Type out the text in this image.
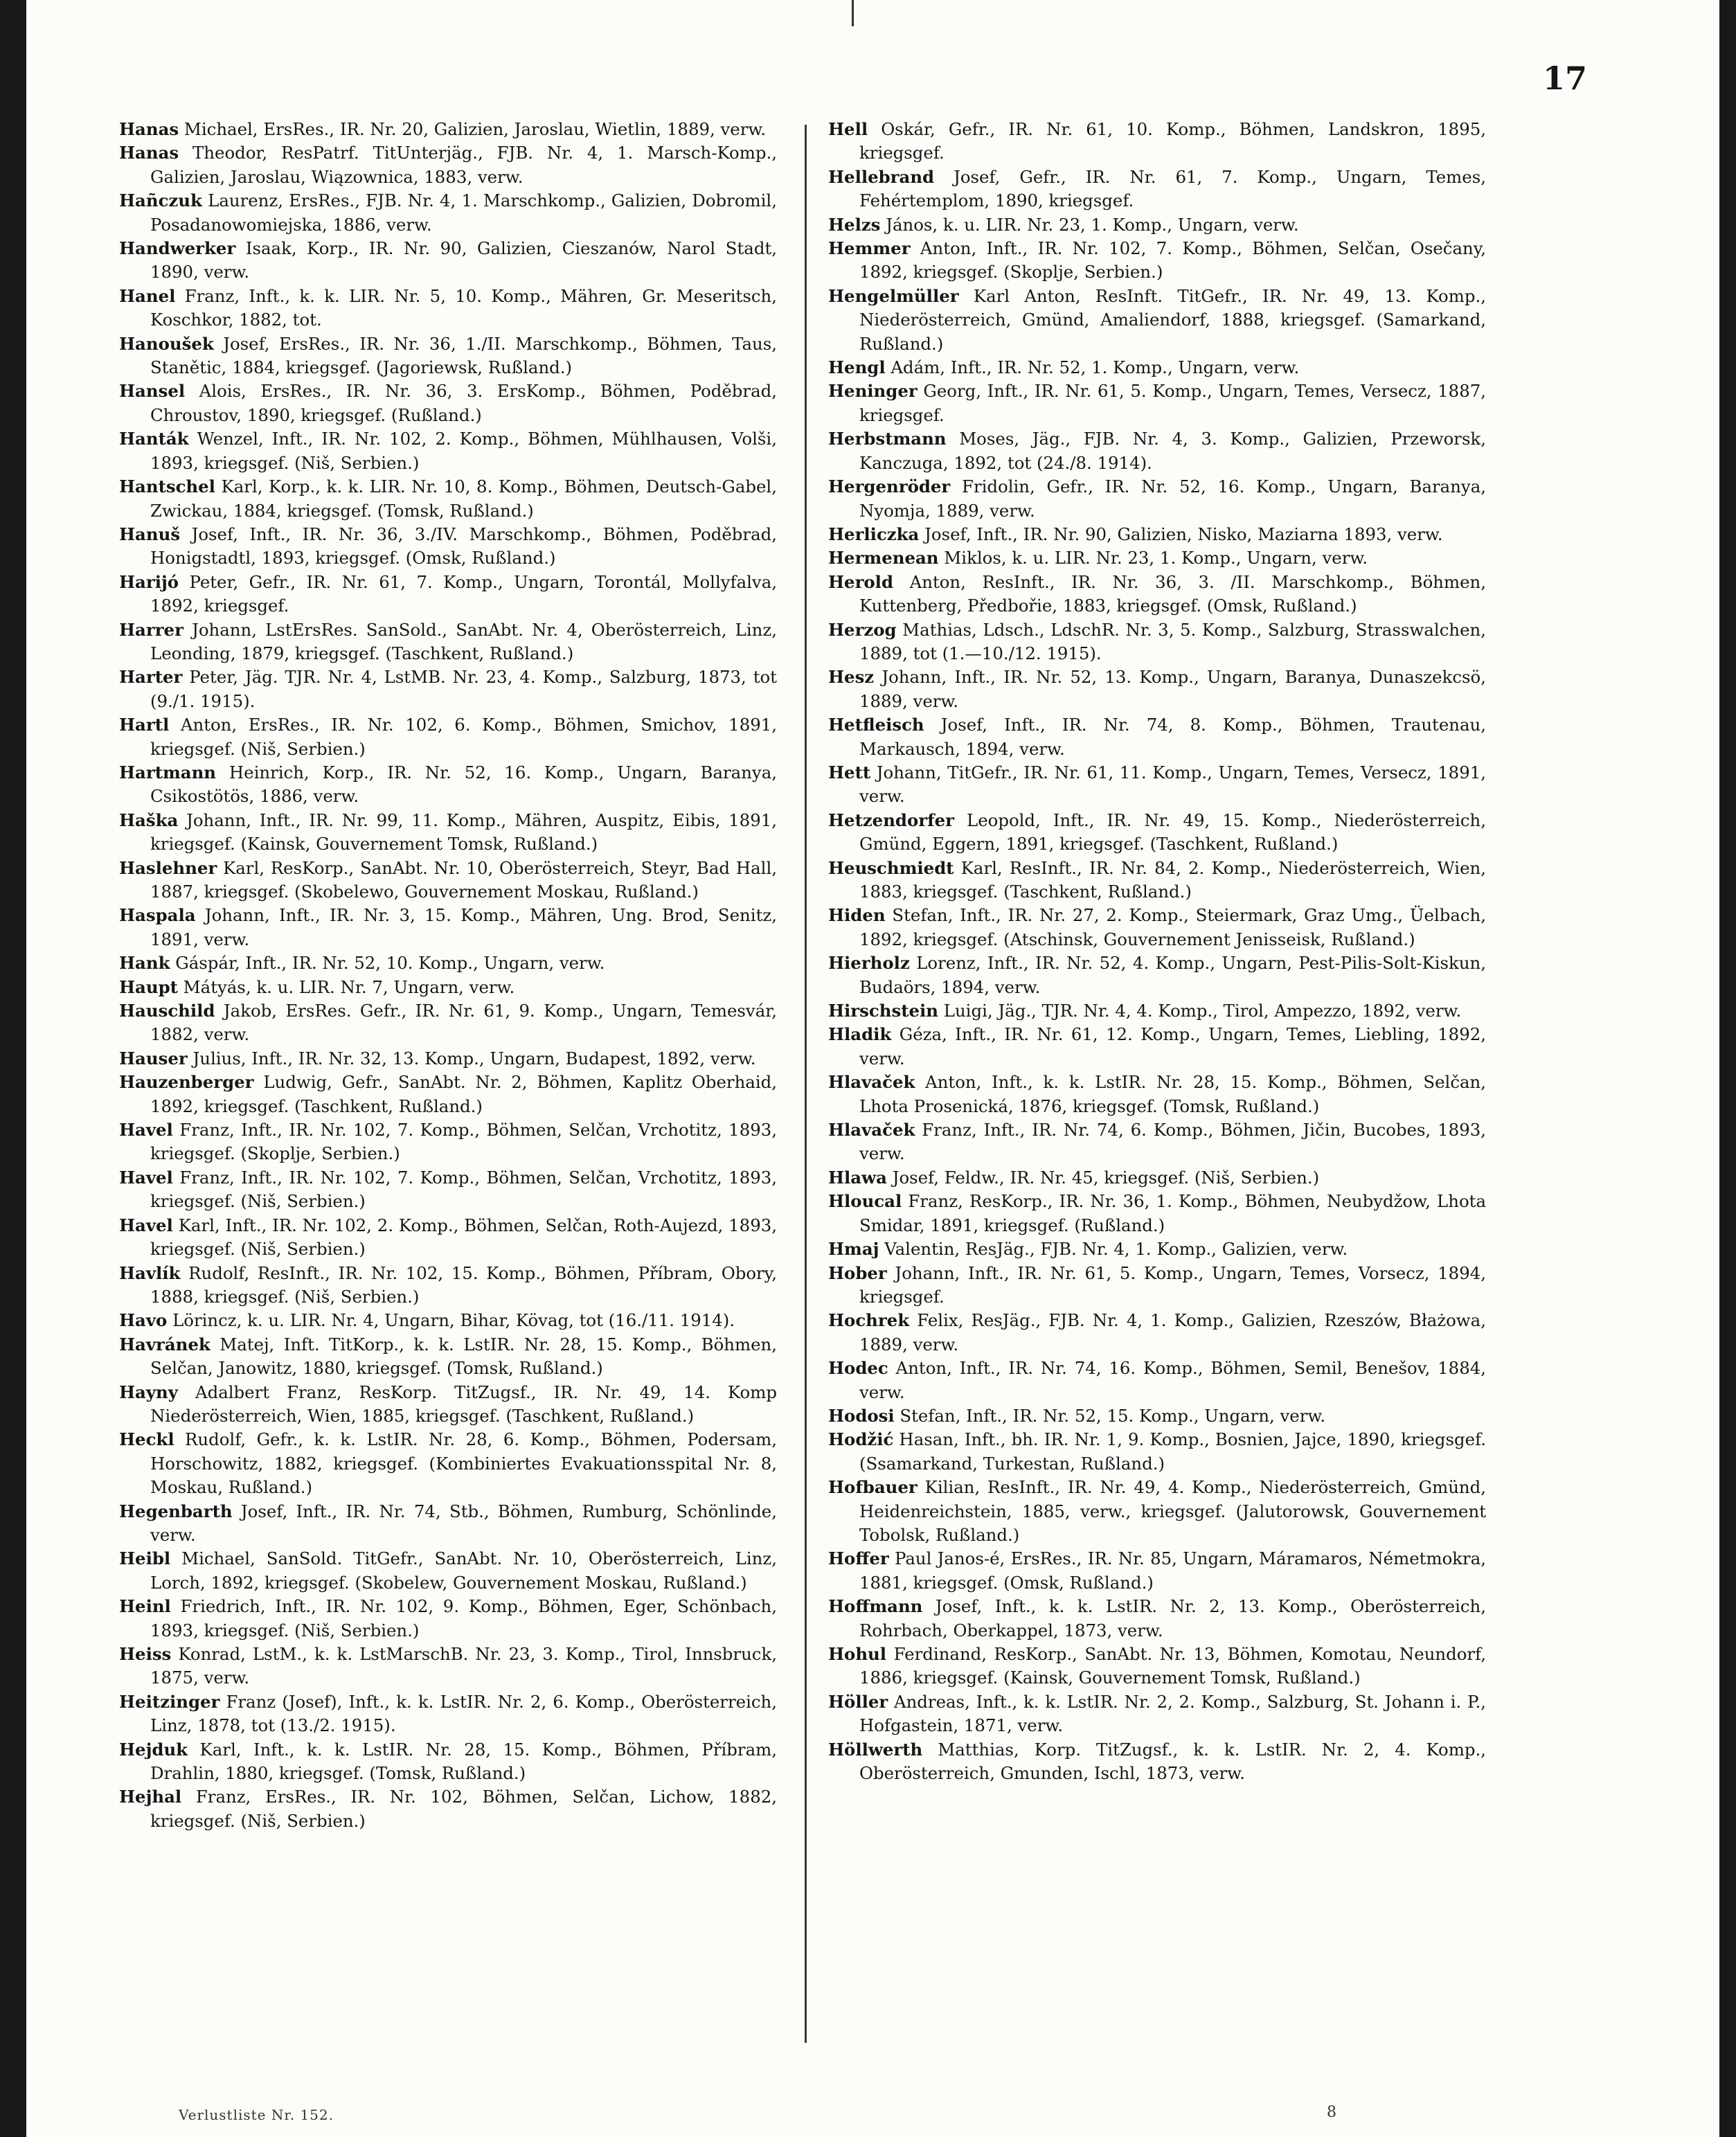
17
Hanas Michael, ErsRes., IR. Nr. 20, Galizien, Jaroslau, Wietlin, 1889, verw.
Hanas Theodor, ResPatrf. TitUnterjäg., FJB. Nr. 4, 1. Marsch-Komp., Galizien, Jaroslau, Wiązownica, 1883, verw.
Hañczuk Laurenz, ErsRes., FJB. Nr. 4, 1. Marschkomp., Galizien, Dobromil, Posadanowomiejska, 1886, verw.
Handwerker Isaak, Korp., IR. Nr. 90, Galizien, Cieszanów, Narol Stadt, 1890, verw.
Hanel Franz, Inft., k. k. LIR. Nr. 5, 10. Komp., Mähren, Gr. Meseritsch, Koschkor, 1882, tot.
Hanoušek Josef, ErsRes., IR. Nr. 36, 1./II. Marschkomp., Böhmen, Taus, Stanětic, 1884, kriegsgef. (Jagoriewsk, Rußland.)
Hansel Alois, ErsRes., IR. Nr. 36, 3. ErsKomp., Böhmen, Poděbrad, Chroustov, 1890, kriegsgef. (Rußland.)
Hanták Wenzel, Inft., IR. Nr. 102, 2. Komp., Böhmen, Mühlhausen, Volši, 1893, kriegsgef. (Niš, Serbien.)
Hantschel Karl, Korp., k. k. LIR. Nr. 10, 8. Komp., Böhmen, Deutsch-Gabel, Zwickau, 1884, kriegsgef. (Tomsk, Rußland.)
Hanuš Josef, Inft., IR. Nr. 36, 3./IV. Marschkomp., Böhmen, Poděbrad, Honigstadtl, 1893, kriegsgef. (Omsk, Rußland.)
Harijó Peter, Gefr., IR. Nr. 61, 7. Komp., Ungarn, Torontál, Mollyfalva, 1892, kriegsgef.
Harrer Johann, LstErsRes. SanSold., SanAbt. Nr. 4, Oberösterreich, Linz, Leonding, 1879, kriegsgef. (Taschkent, Rußland.)
Harter Peter, Jäg. TJR. Nr. 4, LstMB. Nr. 23, 4. Komp., Salzburg, 1873, tot (9./1. 1915).
Hartl Anton, ErsRes., IR. Nr. 102, 6. Komp., Böhmen, Smichov, 1891, kriegsgef. (Niš, Serbien.)
Hartmann Heinrich, Korp., IR. Nr. 52, 16. Komp., Ungarn, Baranya, Csikostötös, 1886, verw.
Haška Johann, Inft., IR. Nr. 99, 11. Komp., Mähren, Auspitz, Eibis, 1891, kriegsgef. (Kainsk, Gouvernement Tomsk, Rußland.)
Haslehner Karl, ResKorp., SanAbt. Nr. 10, Oberösterreich, Steyr, Bad Hall, 1887, kriegsgef. (Skobelewo, Gouvernement Moskau, Rußland.)
Haspala Johann, Inft., IR. Nr. 3, 15. Komp., Mähren, Ung. Brod, Senitz, 1891, verw.
Hank Gáspár, Inft., IR. Nr. 52, 10. Komp., Ungarn, verw.
Haupt Mátyás, k. u. LIR. Nr. 7, Ungarn, verw.
Hauschild Jakob, ErsRes. Gefr., IR. Nr. 61, 9. Komp., Ungarn, Temesvár, 1882, verw.
Hauser Julius, Inft., IR. Nr. 32, 13. Komp., Ungarn, Budapest, 1892, verw.
Hauzenberger Ludwig, Gefr., SanAbt. Nr. 2, Böhmen, Kaplitz Oberhaid, 1892, kriegsgef. (Taschkent, Rußland.)
Havel Franz, Inft., IR. Nr. 102, 7. Komp., Böhmen, Selčan, Vrchotitz, 1893, kriegsgef. (Skoplje, Serbien.)
Havel Franz, Inft., IR. Nr. 102, 7. Komp., Böhmen, Selčan, Vrchotitz, 1893, kriegsgef. (Niš, Serbien.)
Havel Karl, Inft., IR. Nr. 102, 2. Komp., Böhmen, Selčan, Roth-Aujezd, 1893, kriegsgef. (Niš, Serbien.)
Havlík Rudolf, ResInft., IR. Nr. 102, 15. Komp., Böhmen, Příbram, Obory, 1888, kriegsgef. (Niš, Serbien.)
Havo Lörincz, k. u. LIR. Nr. 4, Ungarn, Bihar, Kövag, tot (16./11. 1914).
Havránek Matej, Inft. TitKorp., k. k. LstIR. Nr. 28, 15. Komp., Böhmen, Selčan, Janowitz, 1880, kriegsgef. (Tomsk, Rußland.)
Hayny Adalbert Franz, ResKorp. TitZugsf., IR. Nr. 49, 14. Komp Niederösterreich, Wien, 1885, kriegsgef. (Taschkent, Rußland.)
Heckl Rudolf, Gefr., k. k. LstIR. Nr. 28, 6. Komp., Böhmen, Podersam, Horschowitz, 1882, kriegsgef. (Kombiniertes Evakuationsspital Nr. 8, Moskau, Rußland.)
Hegenbarth Josef, Inft., IR. Nr. 74, Stb., Böhmen, Rumburg, Schönlinde, verw.
Heibl Michael, SanSold. TitGefr., SanAbt. Nr. 10, Oberösterreich, Linz, Lorch, 1892, kriegsgef. (Skobelew, Gouvernement Moskau, Rußland.)
Heinl Friedrich, Inft., IR. Nr. 102, 9. Komp., Böhmen, Eger, Schönbach, 1893, kriegsgef. (Niš, Serbien.)
Heiss Konrad, LstM., k. k. LstMarschB. Nr. 23, 3. Komp., Tirol, Innsbruck, 1875, verw.
Heitzinger Franz (Josef), Inft., k. k. LstIR. Nr. 2, 6. Komp., Oberösterreich, Linz, 1878, tot (13./2. 1915).
Hejduk Karl, Inft., k. k. LstIR. Nr. 28, 15. Komp., Böhmen, Příbram, Drahlin, 1880, kriegsgef. (Tomsk, Rußland.)
Hejhal Franz, ErsRes., IR. Nr. 102, Böhmen, Selčan, Lichow, 1882, kriegsgef. (Niš, Serbien.)
Hell Oskár, Gefr., IR. Nr. 61, 10. Komp., Böhmen, Landskron, 1895, kriegsgef.
Hellebrand Josef, Gefr., IR. Nr. 61, 7. Komp., Ungarn, Temes, Fehértemplom, 1890, kriegsgef.
Helzs János, k. u. LIR. Nr. 23, 1. Komp., Ungarn, verw.
Hemmer Anton, Inft., IR. Nr. 102, 7. Komp., Böhmen, Selčan, Osečany, 1892, kriegsgef. (Skoplje, Serbien.)
Hengelmüller Karl Anton, ResInft. TitGefr., IR. Nr. 49, 13. Komp., Niederösterreich, Gmünd, Amaliendorf, 1888, kriegsgef. (Samarkand, Rußland.)
Hengl Adám, Inft., IR. Nr. 52, 1. Komp., Ungarn, verw.
Heninger Georg, Inft., IR. Nr. 61, 5. Komp., Ungarn, Temes, Versecz, 1887, kriegsgef.
Herbstmann Moses, Jäg., FJB. Nr. 4, 3. Komp., Galizien, Przeworsk, Kanczuga, 1892, tot (24./8. 1914).
Hergenröder Fridolin, Gefr., IR. Nr. 52, 16. Komp., Ungarn, Baranya, Nyomja, 1889, verw.
Herliczka Josef, Inft., IR. Nr. 90, Galizien, Nisko, Maziarna 1893, verw.
Hermenean Miklos, k. u. LIR. Nr. 23, 1. Komp., Ungarn, verw.
Herold Anton, ResInft., IR. Nr. 36, 3. /II. Marschkomp., Böhmen, Kuttenberg, Předbořie, 1883, kriegsgef. (Omsk, Rußland.)
Herzog Mathias, Ldsch., LdschR. Nr. 3, 5. Komp., Salzburg, Strasswalchen, 1889, tot (1.—10./12. 1915).
Hesz Johann, Inft., IR. Nr. 52, 13. Komp., Ungarn, Baranya, Dunaszekcsö, 1889, verw.
Hetfleisch Josef, Inft., IR. Nr. 74, 8. Komp., Böhmen, Trautenau, Markausch, 1894, verw.
Hett Johann, TitGefr., IR. Nr. 61, 11. Komp., Ungarn, Temes, Versecz, 1891, verw.
Hetzendorfer Leopold, Inft., IR. Nr. 49, 15. Komp., Niederösterreich, Gmünd, Eggern, 1891, kriegsgef. (Taschkent, Rußland.)
Heuschmiedt Karl, ResInft., IR. Nr. 84, 2. Komp., Niederösterreich, Wien, 1883, kriegsgef. (Taschkent, Rußland.)
Hiden Stefan, Inft., IR. Nr. 27, 2. Komp., Steiermark, Graz Umg., Üelbach, 1892, kriegsgef. (Atschinsk, Gouvernement Jenisseisk, Rußland.)
Hierholz Lorenz, Inft., IR. Nr. 52, 4. Komp., Ungarn, Pest-Pilis-Solt-Kiskun, Budaörs, 1894, verw.
Hirschstein Luigi, Jäg., TJR. Nr. 4, 4. Komp., Tirol, Ampezzo, 1892, verw.
Hladik Géza, Inft., IR. Nr. 61, 12. Komp., Ungarn, Temes, Liebling, 1892, verw.
Hlavaček Anton, Inft., k. k. LstIR. Nr. 28, 15. Komp., Böhmen, Selčan, Lhota Prosenická, 1876, kriegsgef. (Tomsk, Rußland.)
Hlavaček Franz, Inft., IR. Nr. 74, 6. Komp., Böhmen, Jičin, Bucobes, 1893, verw.
Hlawa Josef, Feldw., IR. Nr. 45, kriegsgef. (Niš, Serbien.)
Hloucal Franz, ResKorp., IR. Nr. 36, 1. Komp., Böhmen, Neubydžow, Lhota Smidar, 1891, kriegsgef. (Rußland.)
Hmaj Valentin, ResJäg., FJB. Nr. 4, 1. Komp., Galizien, verw.
Hober Johann, Inft., IR. Nr. 61, 5. Komp., Ungarn, Temes, Vorsecz, 1894, kriegsgef.
Hochrek Felix, ResJäg., FJB. Nr. 4, 1. Komp., Galizien, Rzeszów, Błażowa, 1889, verw.
Hodec Anton, Inft., IR. Nr. 74, 16. Komp., Böhmen, Semil, Benešov, 1884, verw.
Hodosi Stefan, Inft., IR. Nr. 52, 15. Komp., Ungarn, verw.
Hodžić Hasan, Inft., bh. IR. Nr. 1, 9. Komp., Bosnien, Jajce, 1890, kriegsgef. (Ssamarkand, Turkestan, Rußland.)
Hofbauer Kilian, ResInft., IR. Nr. 49, 4. Komp., Niederösterreich, Gmünd, Heidenreichstein, 1885, verw., kriegsgef. (Jalutorowsk, Gouvernement Tobolsk, Rußland.)
Hoffer Paul Janos-é, ErsRes., IR. Nr. 85, Ungarn, Máramaros, Németmokra, 1881, kriegsgef. (Omsk, Rußland.)
Hoffmann Josef, Inft., k. k. LstIR. Nr. 2, 13. Komp., Oberösterreich, Rohrbach, Oberkappel, 1873, verw.
Hohul Ferdinand, ResKorp., SanAbt. Nr. 13, Böhmen, Komotau, Neundorf, 1886, kriegsgef. (Kainsk, Gouvernement Tomsk, Rußland.)
Höller Andreas, Inft., k. k. LstIR. Nr. 2, 2. Komp., Salzburg, St. Johann i. P., Hofgastein, 1871, verw.
Höllwerth Matthias, Korp. TitZugsf., k. k. LstIR. Nr. 2, 4. Komp., Oberösterreich, Gmunden, Ischl, 1873, verw.
Verlustliste Nr. 152.	8
